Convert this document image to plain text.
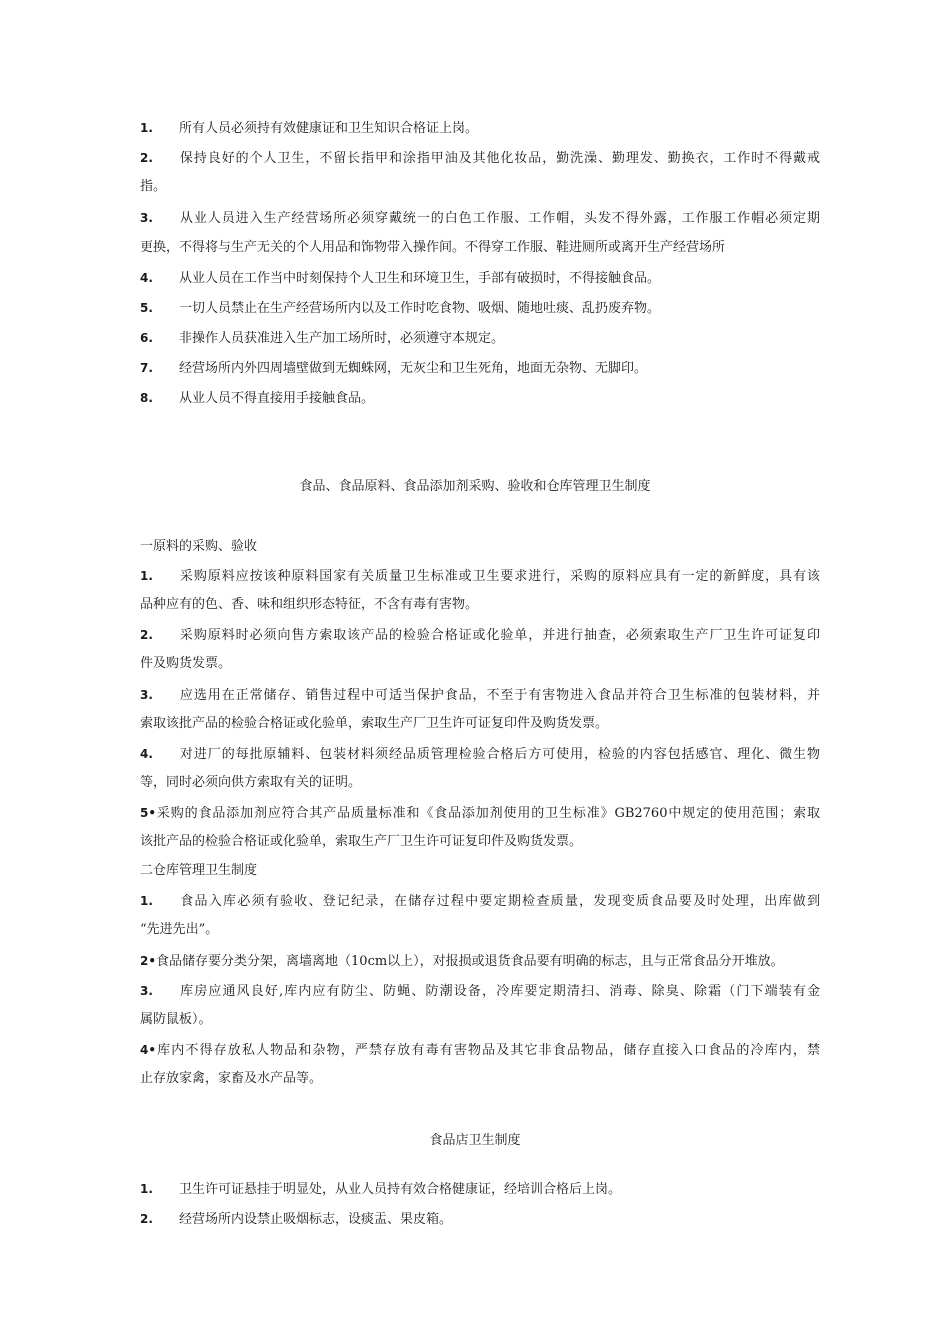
1. 所有人员必须持有效健康证和卫生知识合格证上岗。
2. 保持良好的个人卫生，不留长指甲和涂指甲油及其他化妆品，勤洗澡、勤理发、勤换衣，工作时不得戴戒
指。
3. 从业人员进入生产经营场所必须穿戴统一的白色工作服、工作帽，头发不得外露，工作服工作帽必须定期
更换，不得将与生产无关的个人用品和饰物带入操作间。不得穿工作服、鞋进厕所或离开生产经营场所
4. 从业人员在工作当中时刻保持个人卫生和环境卫生，手部有破损时，不得接触食品。
5. 一切人员禁止在生产经营场所内以及工作时吃食物、吸烟、随地吐痰、乱扔废弃物。
6. 非操作人员获准进入生产加工场所时，必须遵守本规定。
7. 经营场所内外四周墙壁做到无蜘蛛网，无灰尘和卫生死角，地面无杂物、无脚印。
8. 从业人员不得直接用手接触食品。
食品、食品原料、食品添加剂采购、验收和仓库管理卫生制度
一原料的采购、验收
1. 采购原料应按该种原料国家有关质量卫生标准或卫生要求进行，采购的原料应具有一定的新鲜度，具有该
品种应有的色、香、味和组织形态特征，不含有毒有害物。
2. 采购原料时必须向售方索取该产品的检验合格证或化验单，并进行抽查，必须索取生产厂卫生许可证复印
件及购货发票。
3. 应选用在正常储存、销售过程中可适当保护食品，不至于有害物进入食品并符合卫生标准的包装材料，并
索取该批产品的检验合格证或化验单，索取生产厂卫生许可证复印件及购货发票。
4. 对进厂的每批原辅料、包装材料须经品质管理检验合格后方可使用，检验的内容包括感官、理化、微生物
等，同时必须向供方索取有关的证明。
5•采购的食品添加剂应符合其产品质量标准和《食品添加剂使用的卫生标准》GB2760中规定的使用范围；索取
该批产品的检验合格证或化验单，索取生产厂卫生许可证复印件及购货发票。
二仓库管理卫生制度
1. 食品入库必须有验收、登记纪录，在储存过程中要定期检查质量，发现变质食品要及时处理，出库做到
“先进先出”。
2•食品储存要分类分架，离墙离地（10cm以上），对报损或退货食品要有明确的标志，且与正常食品分开堆放。
3. 库房应通风良好,库内应有防尘、防蝇、防潮设备，冷库要定期清扫、消毒、除臭、除霜（门下端装有金
属防鼠板）。
4•库内不得存放私人物品和杂物，严禁存放有毒有害物品及其它非食品物品，储存直接入口食品的冷库内，禁
止存放家禽，家畜及水产品等。
食品店卫生制度
1. 卫生许可证悬挂于明显处，从业人员持有效合格健康证，经培训合格后上岗。
2. 经营场所内设禁止吸烟标志，设痰盂、果皮箱。
